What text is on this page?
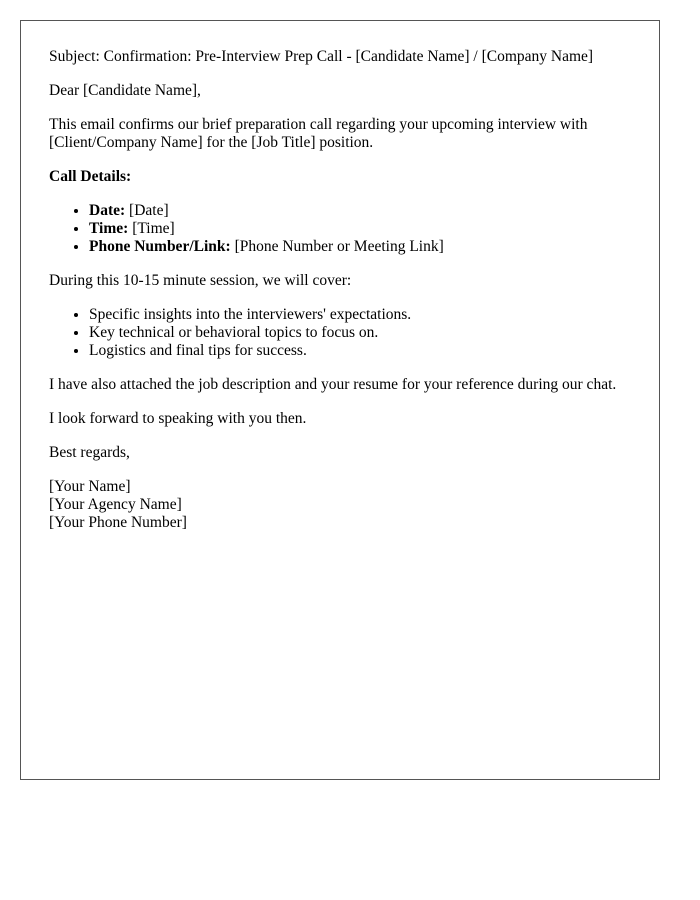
Subject: Confirmation: Pre-Interview Prep Call - [Candidate Name] / [Company Name]

Dear [Candidate Name],

This email confirms our brief preparation call regarding your upcoming interview with [Client/Company Name] for the [Job Title] position.

Call Details:

• Date: [Date]
• Time: [Time]
• Phone Number/Link: [Phone Number or Meeting Link]

During this 10-15 minute session, we will cover:

• Specific insights into the interviewers' expectations.
• Key technical or behavioral topics to focus on.
• Logistics and final tips for success.

I have also attached the job description and your resume for your reference during our chat.

I look forward to speaking with you then.

Best regards,

[Your Name]
[Your Agency Name]
[Your Phone Number]
